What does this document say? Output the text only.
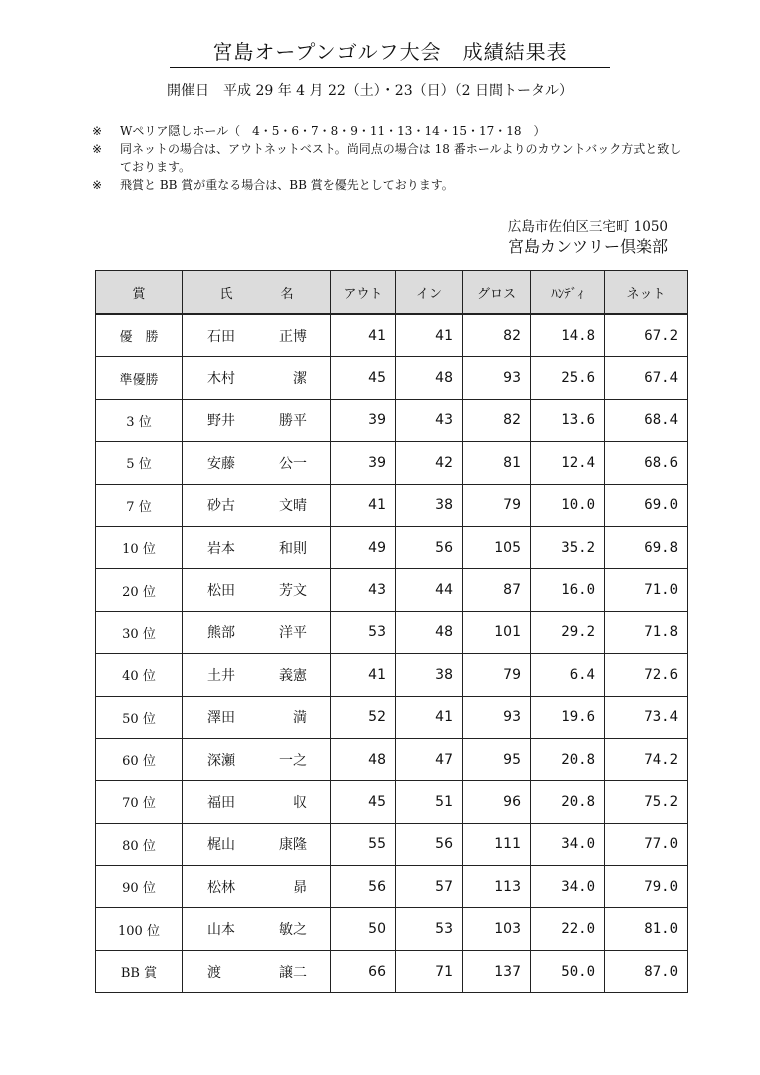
宮島オープンゴルフ大会　成績結果表
開催日　平成 29 年 4 月 22（土）・23（日）（2 日間トータル）
※	Wペリア隠しホール（　4・5・6・7・8・9・11・13・14・15・17・18　）
※	同ネットの場合は、アウトネットベスト。尚同点の場合は 18 番ホールよりのカウントバック方式と致しております。
※	飛賞と BB 賞が重なる場合は、BB 賞を優先としております。
広島市佐伯区三宅町 1050
宮島カンツリー倶楽部
賞	氏 名	アウト	イン	グロス	ﾊﾝﾃﾞｨ	ネット
優　勝	石田 正博	41	41	82	14.8	67.2
準優勝	木村 潔	45	48	93	25.6	67.4
3 位	野井 勝平	39	43	82	13.6	68.4
5 位	安藤 公一	39	42	81	12.4	68.6
7 位	砂古 文晴	41	38	79	10.0	69.0
10 位	岩本 和則	49	56	105	35.2	69.8
20 位	松田 芳文	43	44	87	16.0	71.0
30 位	熊部 洋平	53	48	101	29.2	71.8
40 位	土井 義憲	41	38	79	6.4	72.6
50 位	澤田 満	52	41	93	19.6	73.4
60 位	深瀬 一之	48	47	95	20.8	74.2
70 位	福田 収	45	51	96	20.8	75.2
80 位	梶山 康隆	55	56	111	34.0	77.0
90 位	松林 昴	56	57	113	34.0	79.0
100 位	山本 敏之	50	53	103	22.0	81.0
BB 賞	渡 譲二	66	71	137	50.0	87.0
